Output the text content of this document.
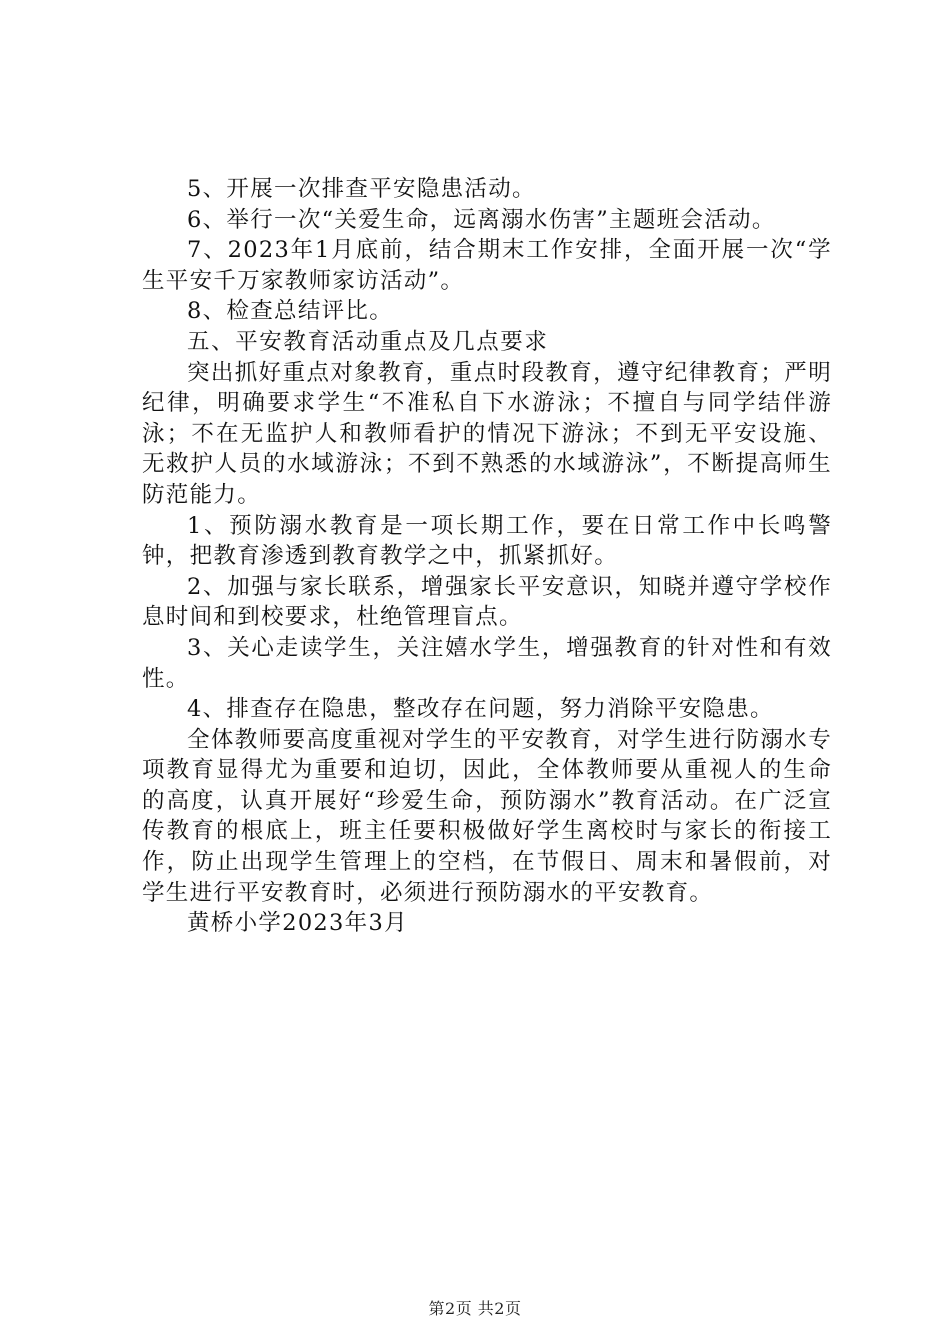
5、开展一次排查平安隐患活动。

6、举行一次“关爱生命，远离溺水伤害”主题班会活动。

7、2023年1月底前，结合期末工作安排，全面开展一次“学生平安千万家教师家访活动”。

8、检查总结评比。

五、平安教育活动重点及几点要求

突出抓好重点对象教育，重点时段教育，遵守纪律教育；严明纪律，明确要求学生“不准私自下水游泳；不擅自与同学结伴游泳；不在无监护人和教师看护的情况下游泳；不到无平安设施、无救护人员的水域游泳；不到不熟悉的水域游泳”，不断提高师生防范能力。

1、预防溺水教育是一项长期工作，要在日常工作中长鸣警钟，把教育渗透到教育教学之中，抓紧抓好。

2、加强与家长联系，增强家长平安意识，知晓并遵守学校作息时间和到校要求，杜绝管理盲点。

3、关心走读学生，关注嬉水学生，增强教育的针对性和有效性。

4、排查存在隐患，整改存在问题，努力消除平安隐患。

全体教师要高度重视对学生的平安教育，对学生进行防溺水专项教育显得尤为重要和迫切，因此，全体教师要从重视人的生命的高度，认真开展好“珍爱生命，预防溺水”教育活动。在广泛宣传教育的根底上，班主任要积极做好学生离校时与家长的衔接工作，防止出现学生管理上的空档，在节假日、周末和暑假前，对学生进行平安教育时，必须进行预防溺水的平安教育。

黄桥小学2023年3月

第2页 共2页
